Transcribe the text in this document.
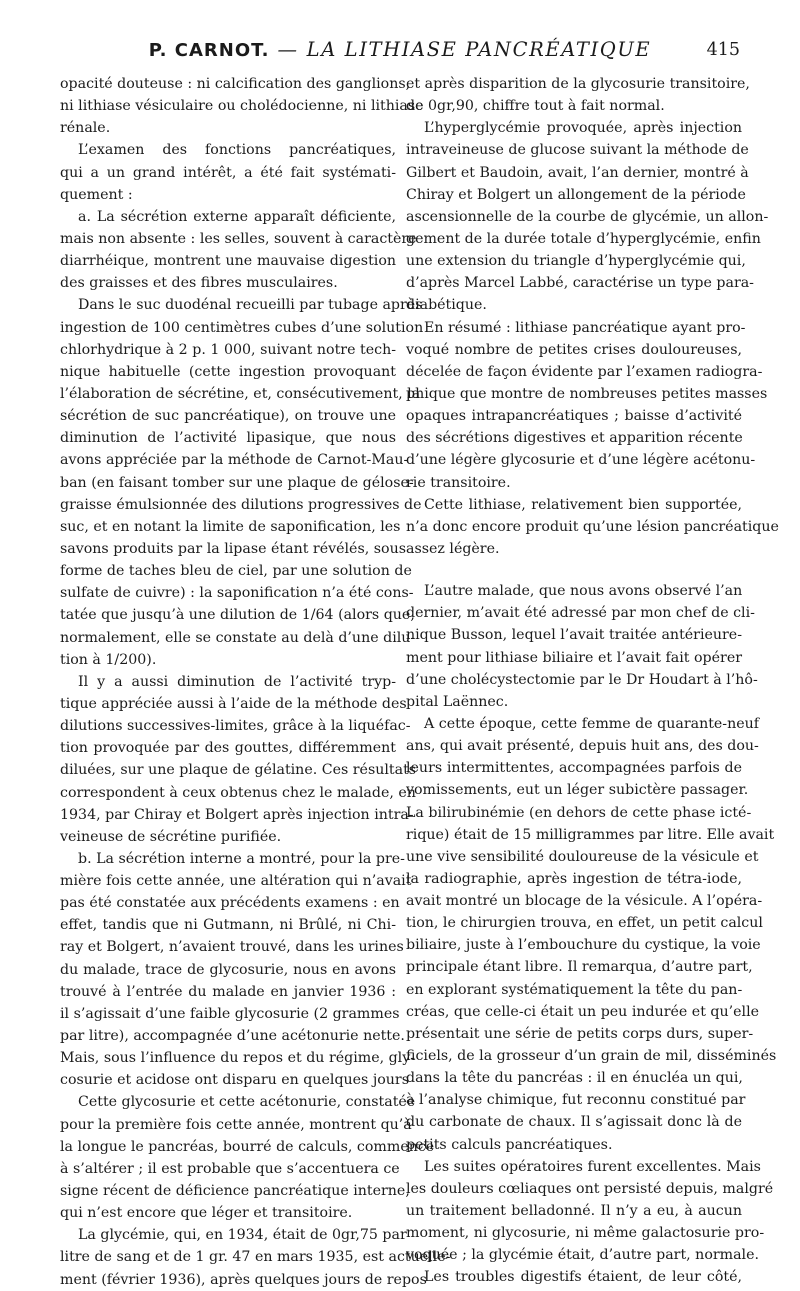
P. CARNOT. — LA LITHIASE PANCRÉATIQUE	415
opacité douteuse : ni calcification des ganglions,
ni lithiase vésiculaire ou cholédocienne, ni lithiase
rénale.
L’examen des fonctions pancréatiques,
qui a un grand intérêt, a été fait systémati-
quement :
a. La sécrétion externe apparaît déficiente,
mais non absente : les selles, souvent à caractère
diarrhéique, montrent une mauvaise digestion
des graisses et des fibres musculaires.
Dans le suc duodénal recueilli par tubage après
ingestion de 100 centimètres cubes d’une solution
chlorhydrique à 2 p. 1 000, suivant notre tech-
nique habituelle (cette ingestion provoquant
l’élaboration de sécrétine, et, consécutivement, la
sécrétion de suc pancréatique), on trouve une
diminution de l’activité lipasique, que nous
avons appréciée par la méthode de Carnot-Mau-
ban (en faisant tomber sur une plaque de gélose-
graisse émulsionnée des dilutions progressives de
suc, et en notant la limite de saponification, les
savons produits par la lipase étant révélés, sous
forme de taches bleu de ciel, par une solution de
sulfate de cuivre) : la saponification n’a été cons-
tatée que jusqu’à une dilution de 1/64 (alors que,
normalement, elle se constate au delà d’une dilu-
tion à 1/200).
Il y a aussi diminution de l’activité tryp-
tique appréciée aussi à l’aide de la méthode des
dilutions successives-limites, grâce à la liquéfac-
tion provoquée par des gouttes, différemment
diluées, sur une plaque de gélatine. Ces résultats
correspondent à ceux obtenus chez le malade, en
1934, par Chiray et Bolgert après injection intra-
veineuse de sécrétine purifiée.
b. La sécrétion interne a montré, pour la pre-
mière fois cette année, une altération qui n’avait
pas été constatée aux précédents examens : en
effet, tandis que ni Gutmann, ni Brûlé, ni Chi-
ray et Bolgert, n’avaient trouvé, dans les urines
du malade, trace de glycosurie, nous en avons
trouvé à l’entrée du malade en janvier 1936 :
il s’agissait d’une faible glycosurie (2 grammes
par litre), accompagnée d’une acétonurie nette.
Mais, sous l’influence du repos et du régime, gly-
cosurie et acidose ont disparu en quelques jours
Cette glycosurie et cette acétonurie, constatée
pour la première fois cette année, montrent qu’à
la longue le pancréas, bourré de calculs, commence
à s’altérer ; il est probable que s’accentuera ce
signe récent de déficience pancréatique interne,
qui n’est encore que léger et transitoire.
La glycémie, qui, en 1934, était de 0gr,75 par
litre de sang et de 1 gr. 47 en mars 1935, est actuelle-
ment (février 1936), après quelques jours de repos
et après disparition de la glycosurie transitoire,
de 0gr,90, chiffre tout à fait normal.
L’hyperglycémie provoquée, après injection
intraveineuse de glucose suivant la méthode de
Gilbert et Baudoin, avait, l’an dernier, montré à
Chiray et Bolgert un allongement de la période
ascensionnelle de la courbe de glycémie, un allon-
gement de la durée totale d’hyperglycémie, enfin
une extension du triangle d’hyperglycémie qui,
d’après Marcel Labbé, caractérise un type para-
diabétique.
En résumé : lithiase pancréatique ayant pro-
voqué nombre de petites crises douloureuses,
décelée de façon évidente par l’examen radiogra-
phique que montre de nombreuses petites masses
opaques intrapancréatiques ; baisse d’activité
des sécrétions digestives et apparition récente
d’une légère glycosurie et d’une légère acétonu-
rie transitoire.
Cette lithiase, relativement bien supportée,
n’a donc encore produit qu’une lésion pancréatique
assez légère.
L’autre malade, que nous avons observé l’an
dernier, m’avait été adressé par mon chef de cli-
nique Busson, lequel l’avait traitée antérieure-
ment pour lithiase biliaire et l’avait fait opérer
d’une cholécystectomie par le Dr Houdart à l’hô-
pital Laënnec.
A cette époque, cette femme de quarante-neuf
ans, qui avait présenté, depuis huit ans, des dou-
leurs intermittentes, accompagnées parfois de
vomissements, eut un léger subictère passager.
La bilirubinémie (en dehors de cette phase icté-
rique) était de 15 milligrammes par litre. Elle avait
une vive sensibilité douloureuse de la vésicule et
la radiographie, après ingestion de tétra-iode,
avait montré un blocage de la vésicule. A l’opéra-
tion, le chirurgien trouva, en effet, un petit calcul
biliaire, juste à l’embouchure du cystique, la voie
principale étant libre. Il remarqua, d’autre part,
en explorant systématiquement la tête du pan-
créas, que celle-ci était un peu indurée et qu’elle
présentait une série de petits corps durs, super-
ficiels, de la grosseur d’un grain de mil, disséminés
dans la tête du pancréas : il en énucléa un qui,
à l’analyse chimique, fut reconnu constitué par
du carbonate de chaux. Il s’agissait donc là de
petits calculs pancréatiques.
Les suites opératoires furent excellentes. Mais
les douleurs cœliaques ont persisté depuis, malgré
un traitement belladonné. Il n’y a eu, à aucun
moment, ni glycosurie, ni même galactosurie pro-
voquée ; la glycémie était, d’autre part, normale.
Les troubles digestifs étaient, de leur côté,
